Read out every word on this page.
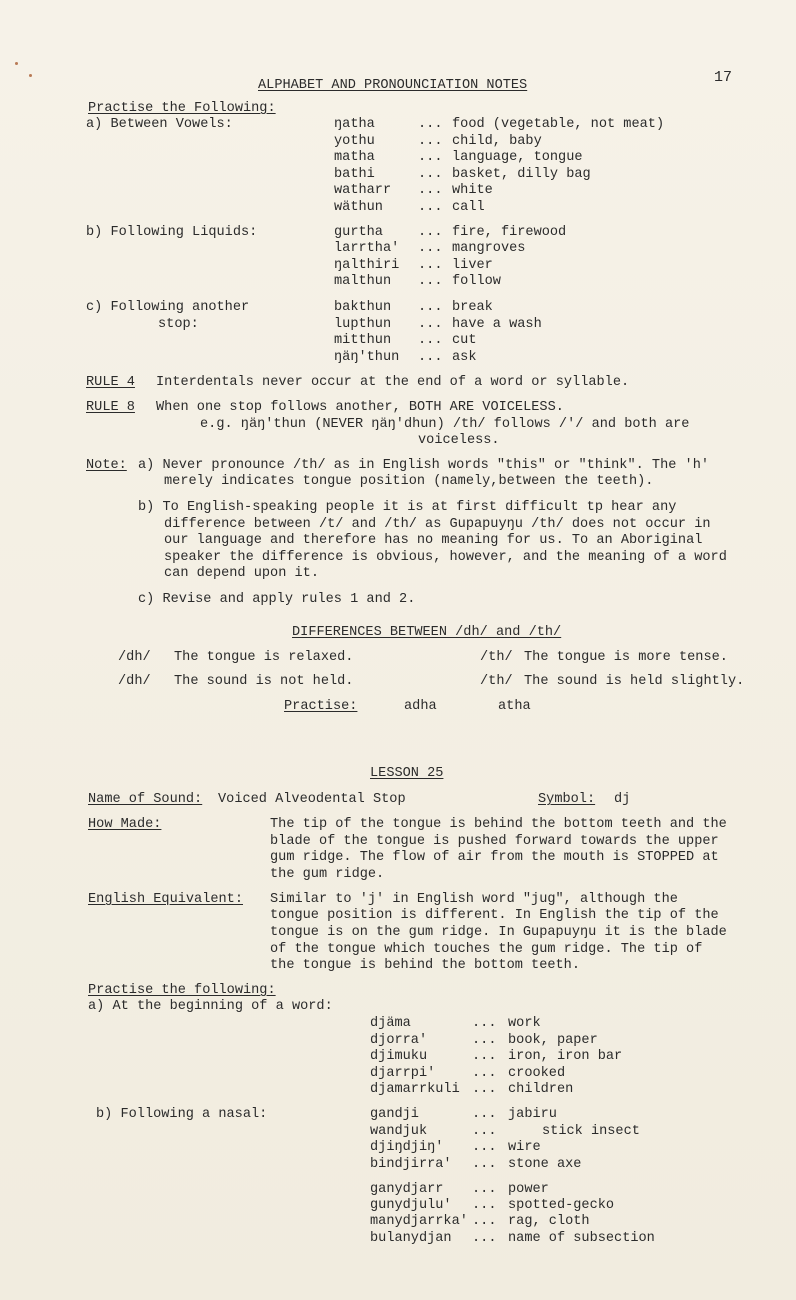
17
ALPHABET AND PRONOUNCIATION NOTES
Practise the Following:
a) Between Vowels:	ŋatha	... food (vegetable, not meat)
yothu	... child, baby
matha	... language, tongue
bathi	... basket, dilly bag
watharr ... white
wäthun	... call
b) Following Liquids:	gurtha	... fire, firewood
larrtha' ... mangroves
ŋalthiri ... liver
malthun ... follow
c) Following another
stop:
bakthun ... break
lupthun ... have a wash
mitthun ... cut
ŋäŋ'thun ... ask
RULE 4 Interdentals never occur at the end of a word or syllable.
RULE 8 When one stop follows another, BOTH ARE VOICELESS.
e.g. ŋäŋ'thun (NEVER ŋäŋ'dhun) /th/ follows /'/ and both are
voiceless.
Note: a) Never pronounce /th/ as in English words "this" or "think". The 'h'
merely indicates tongue position (namely,between the teeth).
b) To English-speaking people it is at first difficult tp hear any
difference between /t/ and /th/ as Gupapuyŋu /th/ does not occur in
our language and therefore has no meaning for us. To an Aboriginal
speaker the difference is obvious, however, and the meaning of a word
can depend upon it.
c) Revise and apply rules 1 and 2.
DIFFERENCES BETWEEN /dh/ and /th/
/dh/ The tongue is relaxed.	/th/ The tongue is more tense.
/dh/ The sound is not held.	/th/ The sound is held slightly.
Practise:	adha	atha
LESSON 25
Name of Sound: Voiced Alveodental Stop	Symbol: dj
How Made:	The tip of the tongue is behind the bottom teeth and the
blade of the tongue is pushed forward towards the upper
gum ridge. The flow of air from the mouth is STOPPED at
the gum ridge.
English Equivalent: Similar to 'j' in English word "jug", although the
tongue position is different. In English the tip of the
tongue is on the gum ridge. In Gupapuyŋu it is the blade
of the tongue which touches the gum ridge. The tip of
the tongue is behind the bottom teeth.
Practise the following:
a) At the beginning of a word:
djäma	... work
djorra'	... book, paper
djimuku	... iron, iron bar
djarrpi'	... crooked
djamarrkuli ... children
b) Following a nasal:	gandji	... jabiru
wandjuk	...	stick insect
djiŋdjiŋ' ... wire
bindjirra' ... stone axe
ganydjarr ... power
gunydjulu' ... spotted-gecko
manydjarrka' ... rag, cloth
bulanydjan ... name of subsection
